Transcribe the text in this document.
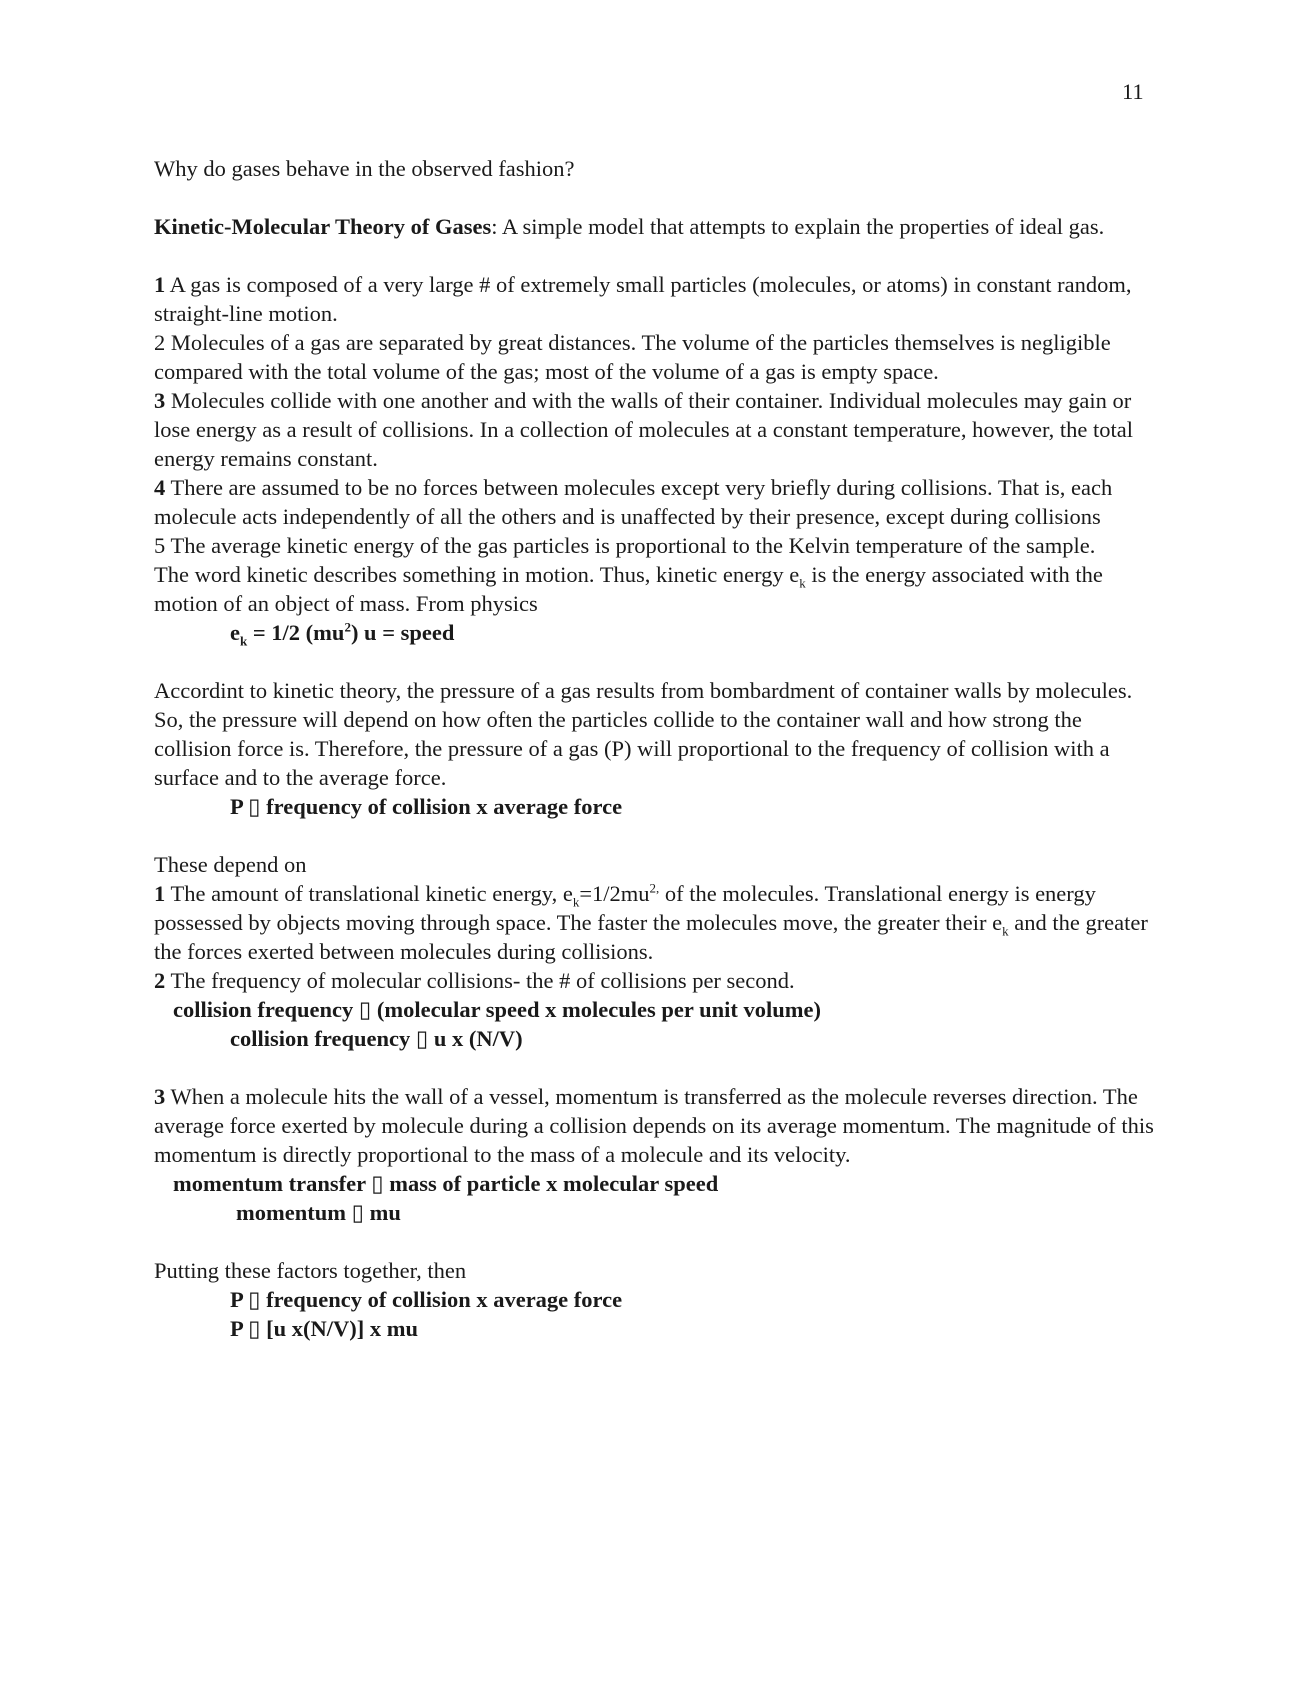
11

Why do gases behave in the observed fashion?

Kinetic-Molecular Theory of Gases: A simple model that attempts to explain the properties of ideal gas.

1 A gas is composed of a very large # of extremely small particles (molecules, or atoms) in constant random, straight-line motion.

2 Molecules of a gas are separated by great distances. The volume of the particles themselves is negligible compared with the total volume of the gas; most of the volume of a gas is empty space.

3 Molecules collide with one another and with the walls of their container. Individual molecules may gain or lose energy as a result of collisions. In a collection of molecules at a constant temperature, however, the total energy remains constant.

4 There are assumed to be no forces between molecules except very briefly during collisions. That is, each molecule acts independently of all the others and is unaffected by their presence, except during collisions

5 The average kinetic energy of the gas particles is proportional to the Kelvin temperature of the sample.

The word kinetic describes something in motion. Thus, kinetic energy $e_k$ is the energy associated with the motion of an object of mass. From physics

$e_k = 1/2$ $(mu^2) u$ = speed

Accordint to kinetic theory, the pressure of a gas results from bombardment of container walls by molecules. So, the pressure will depend on how often the particles collide to the container wall and how strong the collision force is. Therefore, the pressure of a gas (P) will proportional to the frequency of collision with a surface and to the average force.

P ▯ frequency of collision x average force

These depend on

1 The amount of translational kinetic energy, $e_k=1/2mu^{2,}$ of the molecules. Translational energy is energy possessed by objects moving through space. The faster the molecules move, the greater their $e_k$ and the greater the forces exerted between molecules during collisions.

2 The frequency of molecular collisions- the # of collisions per second.

collision frequency ▯ (molecular speed x molecules per unit volume)

collision frequency ▯ u x (N/V)

3 When a molecule hits the wall of a vessel, momentum is transferred as the molecule reverses direction. The average force exerted by molecule during a collision depends on its average momentum. The magnitude of this momentum is directly proportional to the mass of a molecule and its velocity.

momentum transfer ▯ mass of particle x molecular speed

momentum ▯ mu

Putting these factors together, then

P ▯ frequency of collision x average force

P ▯ [u x(N/V)] x mu
